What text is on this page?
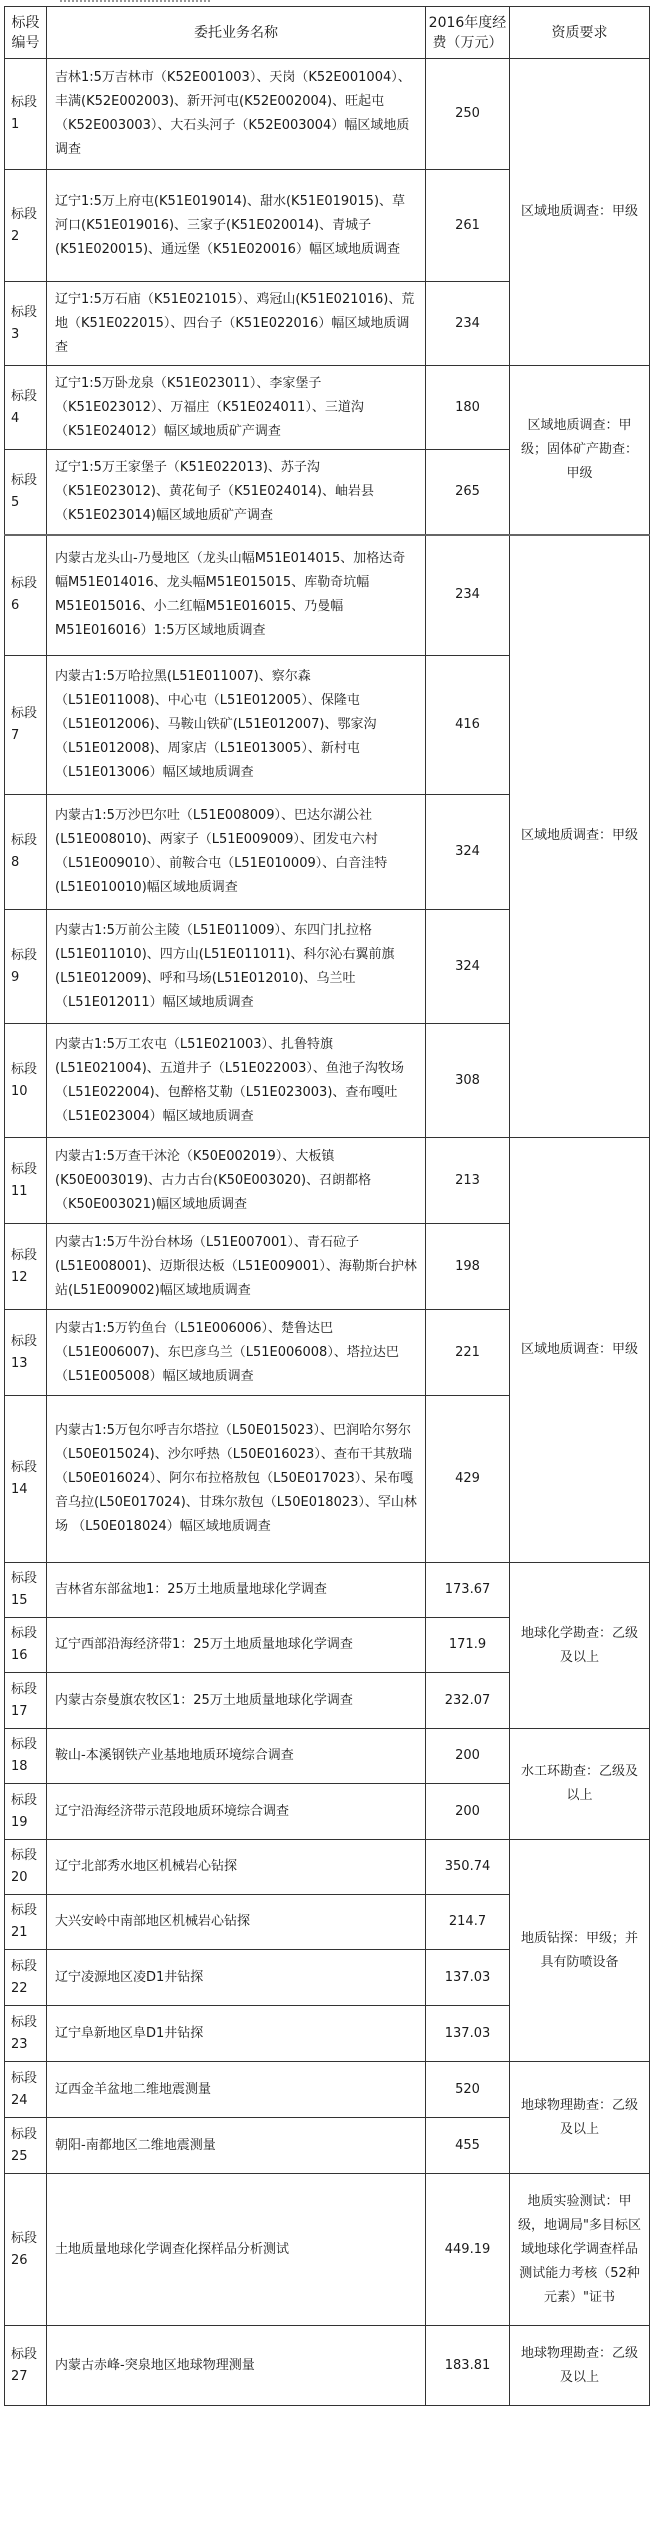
标段编号	委托业务名称	2016年度经费（万元）	资质要求
标段1	吉林1:5万吉林市（K52E001003）、天岗（K52E001004）、丰满(K52E002003)、新开河屯(K52E002004)、旺起屯（K52E003003）、大石头河子（K52E003004）幅区域地质调查	250	区域地质调查：甲级
标段2	辽宁1:5万上府屯(K51E019014)、甜水(K51E019015)、草河口(K51E019016)、三家子(K51E020014)、青城子(K51E020015)、通远堡（K51E020016）幅区域地质调查	261	
标段3	辽宁1:5万石庙（K51E021015）、鸡冠山(K51E021016)、荒地（K51E022015）、四台子（K51E022016）幅区域地质调查	234	
标段4	辽宁1:5万卧龙泉（K51E023011）、李家堡子（K51E023012）、万福庄（K51E024011）、三道沟（K51E024012）幅区域地质矿产调查	180	区域地质调查：甲级；固体矿产勘查：甲级
标段5	辽宁1:5万王家堡子（K51E022013)、苏子沟（K51E023012)、黄花甸子（K51E024014)、岫岩县（K51E023014)幅区域地质矿产调查	265	
标段6	内蒙古龙头山-乃曼地区（龙头山幅M51E014015、加格达奇幅M51E014016、龙头幅M51E015015、库勒奇坑幅M51E015016、小二红幅M51E016015、乃曼幅M51E016016）1:5万区域地质调查	234	区域地质调查：甲级
标段7	内蒙古1:5万哈拉黑(L51E011007)、察尔森（L51E011008)、中心屯（L51E012005）、保隆屯（L51E012006)、马鞍山铁矿(L51E012007)、鄂家沟（L51E012008)、周家店（L51E013005）、新村屯（L51E013006）幅区域地质调查	416	
标段8	内蒙古1:5万沙巴尔吐（L51E008009）、巴达尔湖公社(L51E008010)、两家子（L51E009009）、团发屯六村（L51E009010）、前鞍合屯（L51E010009）、白音洼特(L51E010010)幅区域地质调查	324	
标段9	内蒙古1:5万前公主陵（L51E011009）、东四门扎拉格(L51E011010)、四方山(L51E011011)、科尔沁右翼前旗(L51E012009)、呼和马场(L51E012010)、乌兰吐（L51E012011）幅区域地质调查	324	
标段10	内蒙古1:5万工农屯（L51E021003）、扎鲁特旗(L51E021004)、五道井子（L51E022003）、鱼池子沟牧场（L51E022004)、包醉格艾勒（L51E023003)、查布嘎吐（L51E023004）幅区域地质调查	308	
标段11	内蒙古1:5万查干沐沦（K50E002019）、大板镇(K50E003019)、古力古台(K50E003020)、召朗都格（K50E003021)幅区域地质调查	213	区域地质调查：甲级
标段12	内蒙古1:5万牛汾台林场（L51E007001）、青石砬子(L51E008001)、迈斯很达板（L51E009001）、海勒斯台护林站(L51E009002)幅区域地质调查	198	
标段13	内蒙古1:5万钓鱼台（L51E006006）、楚鲁达巴（L51E006007)、东巴彦乌兰（L51E006008）、塔拉达巴（L51E005008）幅区域地质调查	221	
标段14	内蒙古1:5万包尔呼吉尔塔拉（L50E015023）、巴润哈尔努尔（L50E015024)、沙尔呼热（L50E016023）、查布干其敖瑞（L50E016024）、阿尔布拉格敖包（L50E017023）、呆布嘎音乌拉(L50E017024)、甘珠尔敖包（L50E018023）、罕山林场 （L50E018024）幅区域地质调查	429	
标段15	吉林省东部盆地1：25万土地质量地球化学调查	173.67	地球化学勘查：乙级及以上
标段16	辽宁西部沿海经济带1：25万土地质量地球化学调查	171.9	
标段17	内蒙古奈曼旗农牧区1：25万土地质量地球化学调查	232.07	
标段18	鞍山-本溪钢铁产业基地地质环境综合调查	200	水工环勘查：乙级及以上
标段19	辽宁沿海经济带示范段地质环境综合调查	200	
标段20	辽宁北部秀水地区机械岩心钻探	350.74	地质钻探：甲级；并具有防喷设备
标段21	大兴安岭中南部地区机械岩心钻探	214.7	
标段22	辽宁凌源地区凌D1井钻探	137.03	
标段23	辽宁阜新地区阜D1井钻探	137.03	
标段24	辽西金羊盆地二维地震测量	520	地球物理勘查：乙级及以上
标段25	朝阳-南都地区二维地震测量	455	
标段26	土地质量地球化学调查化探样品分析测试	449.19	地质实验测试：甲级，地调局"多目标区域地球化学调查样品测试能力考核（52种元素）"证书
标段27	内蒙古赤峰-突泉地区地球物理测量	183.81	地球物理勘查：乙级及以上
